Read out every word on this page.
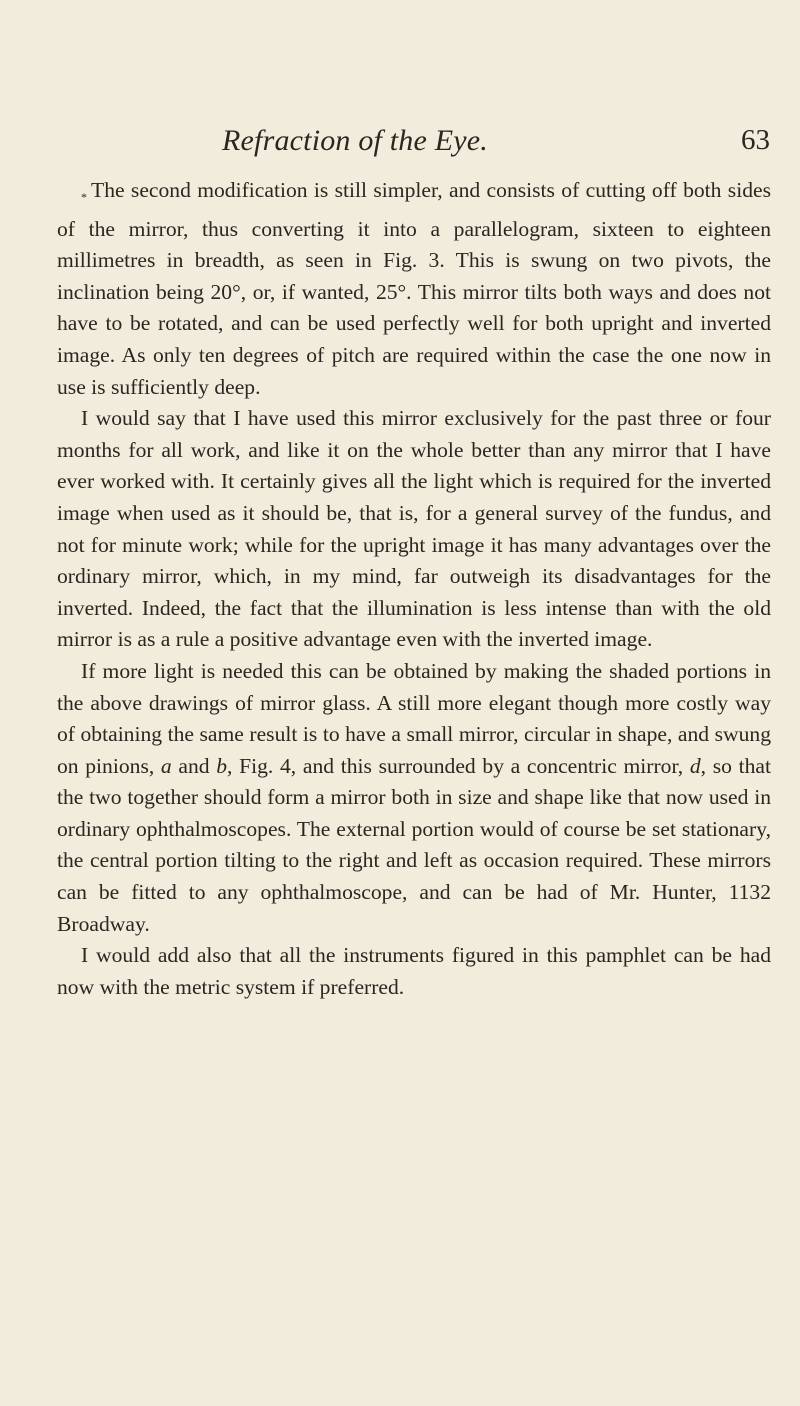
Refraction of the Eye.	63

* The second modification is still simpler, and consists of cutting off both sides of the mirror, thus converting it into a parallelogram, sixteen to eighteen millimetres in breadth, as seen in Fig. 3. This is swung on two pivots, the inclination being 20°, or, if wanted, 25°. This mirror tilts both ways and does not have to be rotated, and can be used perfectly well for both upright and inverted image. As only ten degrees of pitch are required within the case the one now in use is sufficiently deep.

I would say that I have used this mirror exclusively for the past three or four months for all work, and like it on the whole better than any mirror that I have ever worked with. It certainly gives all the light which is required for the inverted image when used as it should be, that is, for a general survey of the fundus, and not for minute work; while for the upright image it has many advantages over the ordinary mirror, which, in my mind, far outweigh its disadvantages for the inverted. Indeed, the fact that the illumination is less intense than with the old mirror is as a rule a positive advantage even with the inverted image.

If more light is needed this can be obtained by making the shaded portions in the above drawings of mirror glass. A still more elegant though more costly way of obtaining the same result is to have a small mirror, circular in shape, and swung on pinions, a and b, Fig. 4, and this surrounded by a concentric mirror, d, so that the two together should form a mirror both in size and shape like that now used in ordinary ophthalmoscopes. The external portion would of course be set stationary, the central portion tilting to the right and left as occasion required. These mirrors can be fitted to any ophthalmoscope, and can be had of Mr. Hunter, 1132 Broadway.

I would add also that all the instruments figured in this pamphlet can be had now with the metric system if preferred.
